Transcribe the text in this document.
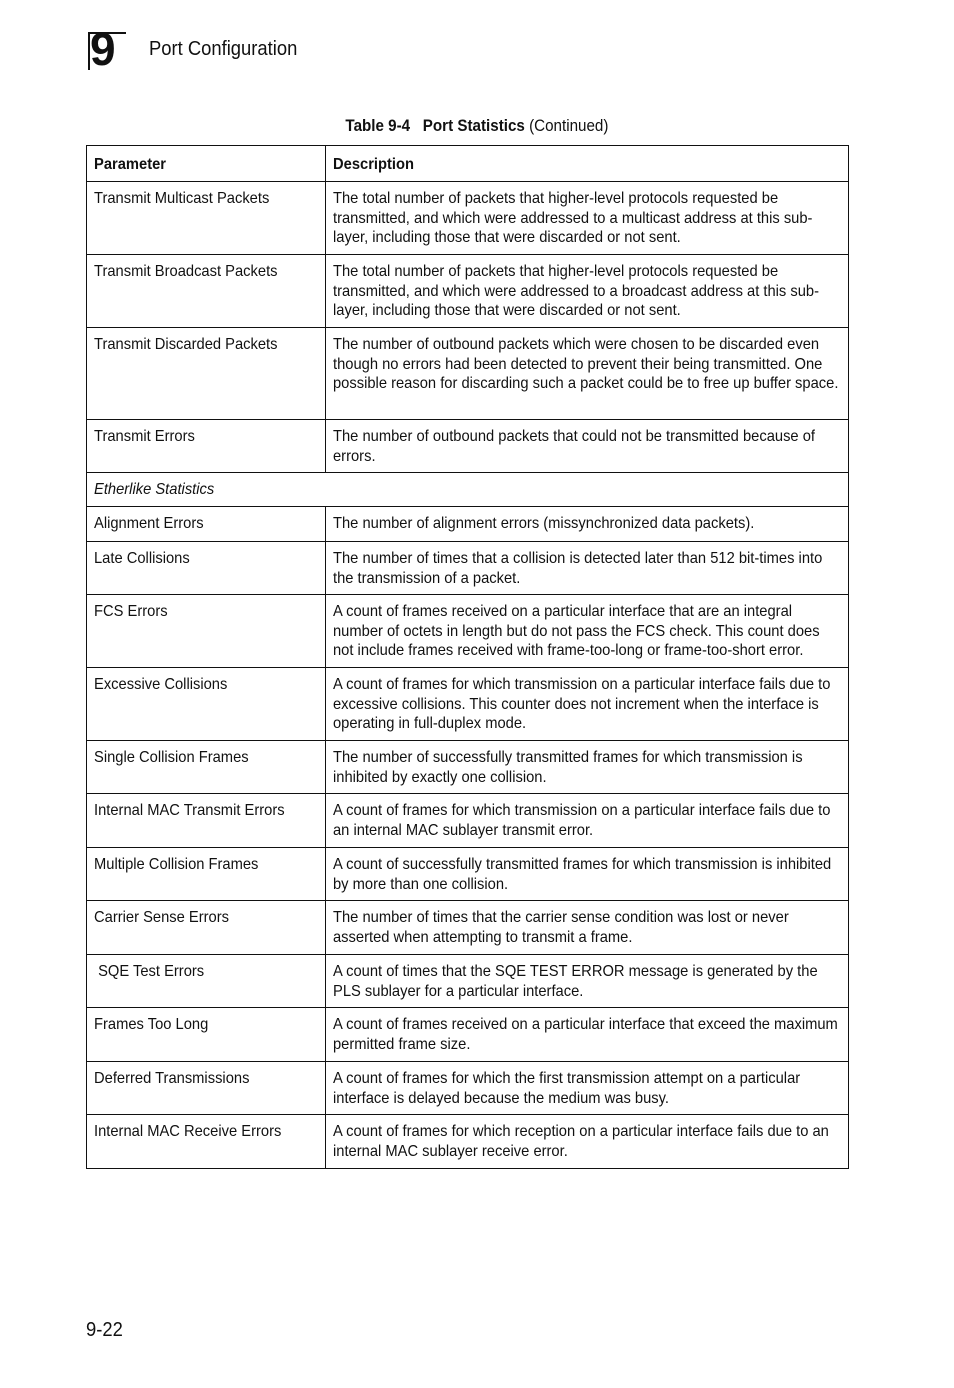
9 Port Configuration
Table 9-4 Port Statistics (Continued)
Parameter	Description

Transmit Multicast Packets	The total number of packets that higher-level protocols requested be transmitted, and which were addressed to a multicast address at this sub-layer, including those that were discarded or not sent.

Transmit Broadcast Packets	The total number of packets that higher-level protocols requested be transmitted, and which were addressed to a broadcast address at this sub-layer, including those that were discarded or not sent.

Transmit Discarded Packets	The number of outbound packets which were chosen to be discarded even though no errors had been detected to prevent their being transmitted. One possible reason for discarding such a packet could be to free up buffer space.

Transmit Errors	The number of outbound packets that could not be transmitted because of errors.

Etherlike Statistics	

Alignment Errors	The number of alignment errors (missynchronized data packets).

Late Collisions	The number of times that a collision is detected later than 512 bit-times into the transmission of a packet.

FCS Errors	A count of frames received on a particular interface that are an integral number of octets in length but do not pass the FCS check. This count does not include frames received with frame-too-long or frame-too-short error.

Excessive Collisions	A count of frames for which transmission on a particular interface fails due to excessive collisions. This counter does not increment when the interface is operating in full-duplex mode.

Single Collision Frames	The number of successfully transmitted frames for which transmission is inhibited by exactly one collision.

Internal MAC Transmit Errors	A count of frames for which transmission on a particular interface fails due to an internal MAC sublayer transmit error.

Multiple Collision Frames	A count of successfully transmitted frames for which transmission is inhibited by more than one collision.

Carrier Sense Errors	The number of times that the carrier sense condition was lost or never asserted when attempting to transmit a frame.

SQE Test Errors	A count of times that the SQE TEST ERROR message is generated by the PLS sublayer for a particular interface.

Frames Too Long	A count of frames received on a particular interface that exceed the maximum permitted frame size.

Deferred Transmissions	A count of frames for which the first transmission attempt on a particular interface is delayed because the medium was busy.

Internal MAC Receive Errors	A count of frames for which reception on a particular interface fails due to an internal MAC sublayer receive error.
9-22
